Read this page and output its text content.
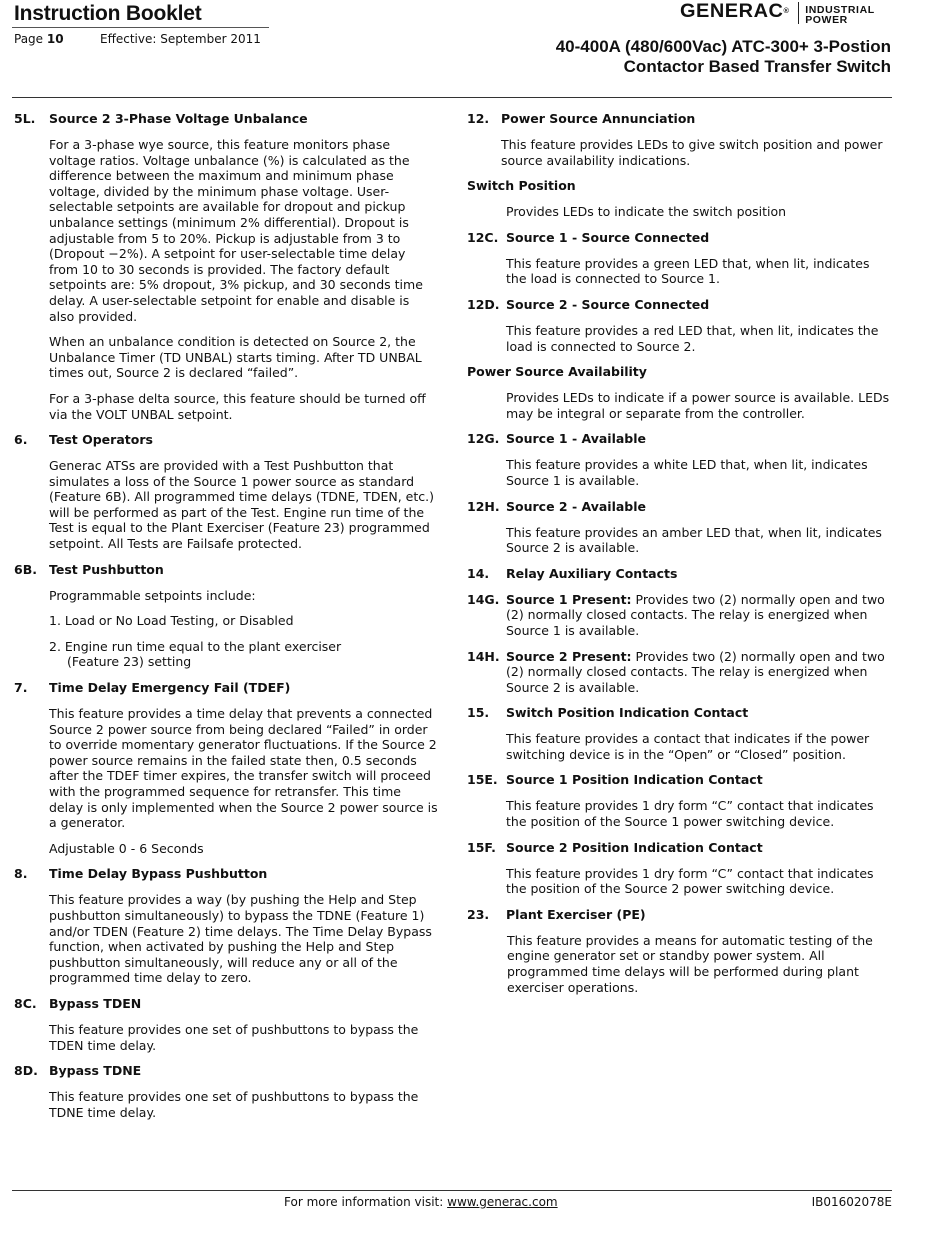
Instruction Booklet
Page 10	Effective: September 2011
GENERAC® INDUSTRIAL
POWER
40-400A (480/600Vac) ATC-300+ 3-Postion
Contactor Based Transfer Switch
5L.	Source 2 3-Phase Voltage Unbalance
For a 3-phase wye source, this feature monitors phase voltage ratios. Voltage unbalance (%) is calculated as the difference between the maximum and minimum phase voltage, divided by the minimum phase voltage. User-selectable setpoints are available for dropout and pickup unbalance settings (minimum 2% differential). Dropout is adjustable from 5 to 20%. Pickup is adjustable from 3 to (Dropout −2%). A setpoint for user-selectable time delay from 10 to 30 seconds is provided. The factory default setpoints are: 5% dropout, 3% pickup, and 30 seconds time delay. A user-selectable setpoint for enable and disable is also provided.
When an unbalance condition is detected on Source 2, the Unbalance Timer (TD UNBAL) starts timing. After TD UNBAL times out, Source 2 is declared “failed”.
For a 3-phase delta source, this feature should be turned off via the VOLT UNBAL setpoint.
6.	Test Operators
Generac ATSs are provided with a Test Pushbutton that simulates a loss of the Source 1 power source as standard (Feature 6B). All programmed time delays (TDNE, TDEN, etc.) will be performed as part of the Test. Engine run time of the Test is equal to the Plant Exerciser (Feature 23) programmed setpoint. All Tests are Failsafe protected.
6B. Test Pushbutton
Programmable setpoints include:
1. Load or No Load Testing, or Disabled
2. Engine run time equal to the plant exerciser
(Feature 23) setting
7.	Time Delay Emergency Fail (TDEF)
This feature provides a time delay that prevents a connected Source 2 power source from being declared “Failed” in order to override momentary generator fluctuations. If the Source 2 power source remains in the failed state then, 0.5 seconds after the TDEF timer expires, the transfer switch will proceed with the programmed sequence for retransfer. This time delay is only implemented when the Source 2 power source is a generator.
Adjustable 0 - 6 Seconds
8.	Time Delay Bypass Pushbutton
This feature provides a way (by pushing the Help and Step pushbutton simultaneously) to bypass the TDNE (Feature 1) and/or TDEN (Feature 2) time delays. The Time Delay Bypass function, when activated by pushing the Help and Step pushbutton simultaneously, will reduce any or all of the programmed time delay to zero.
8C. Bypass TDEN
This feature provides one set of pushbuttons to bypass the TDEN time delay.
8D. Bypass TDNE
This feature provides one set of pushbuttons to bypass the TDNE time delay.
12. Power Source Annunciation
This feature provides LEDs to give switch position and power source availability indications.
Switch Position
Provides LEDs to indicate the switch position
12C. Source 1 - Source Connected
This feature provides a green LED that, when lit, indicates the load is connected to Source 1.
12D. Source 2 - Source Connected
This feature provides a red LED that, when lit, indicates the load is connected to Source 2.
Power Source Availability
Provides LEDs to indicate if a power source is available. LEDs may be integral or separate from the controller.
12G. Source 1 - Available
This feature provides a white LED that, when lit, indicates Source 1 is available.
12H. Source 2 - Available
This feature provides an amber LED that, when lit, indicates Source 2 is available.
14.	Relay Auxiliary Contacts
14G. Source 1 Present: Provides two (2) normally open and two (2) normally closed contacts. The relay is energized when Source 1 is available.
14H. Source 2 Present: Provides two (2) normally open and two (2) normally closed contacts. The relay is energized when Source 2 is available.
15.	Switch Position Indication Contact
This feature provides a contact that indicates if the power switching device is in the “Open” or “Closed” position.
15E. Source 1 Position Indication Contact
This feature provides 1 dry form “C” contact that indicates the position of the Source 1 power switching device.
15F. Source 2 Position Indication Contact
This feature provides 1 dry form “C” contact that indicates the position of the Source 2 power switching device.
23.	Plant Exerciser (PE)
This feature provides a means for automatic testing of the engine generator set or standby power system. All programmed time delays will be performed during plant exerciser operations.
For more information visit: www.generac.com	IB01602078E
